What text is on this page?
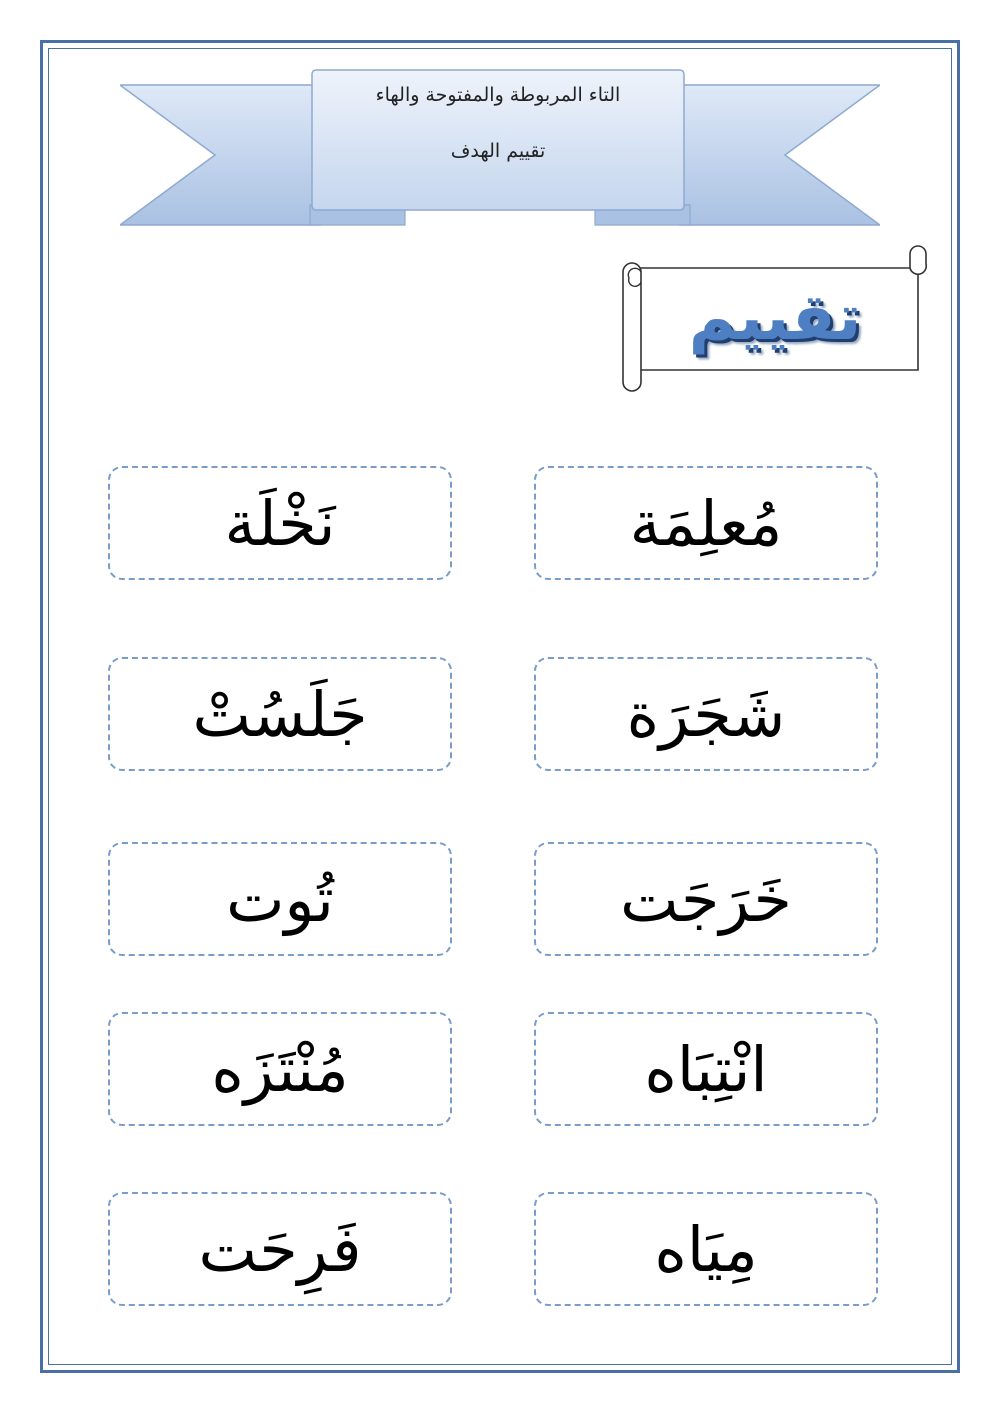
التاء المربوطة والمفتوحة والهاء
تقييم الهدف
تقييم
مُعلِمَة
شَجَرَة
خَرَجَت
انْتِبَاه
مِيَاه
نَخْلَة
جَلَسُتْ
تُوت
مُنْتَزَه
فَرِحَت
